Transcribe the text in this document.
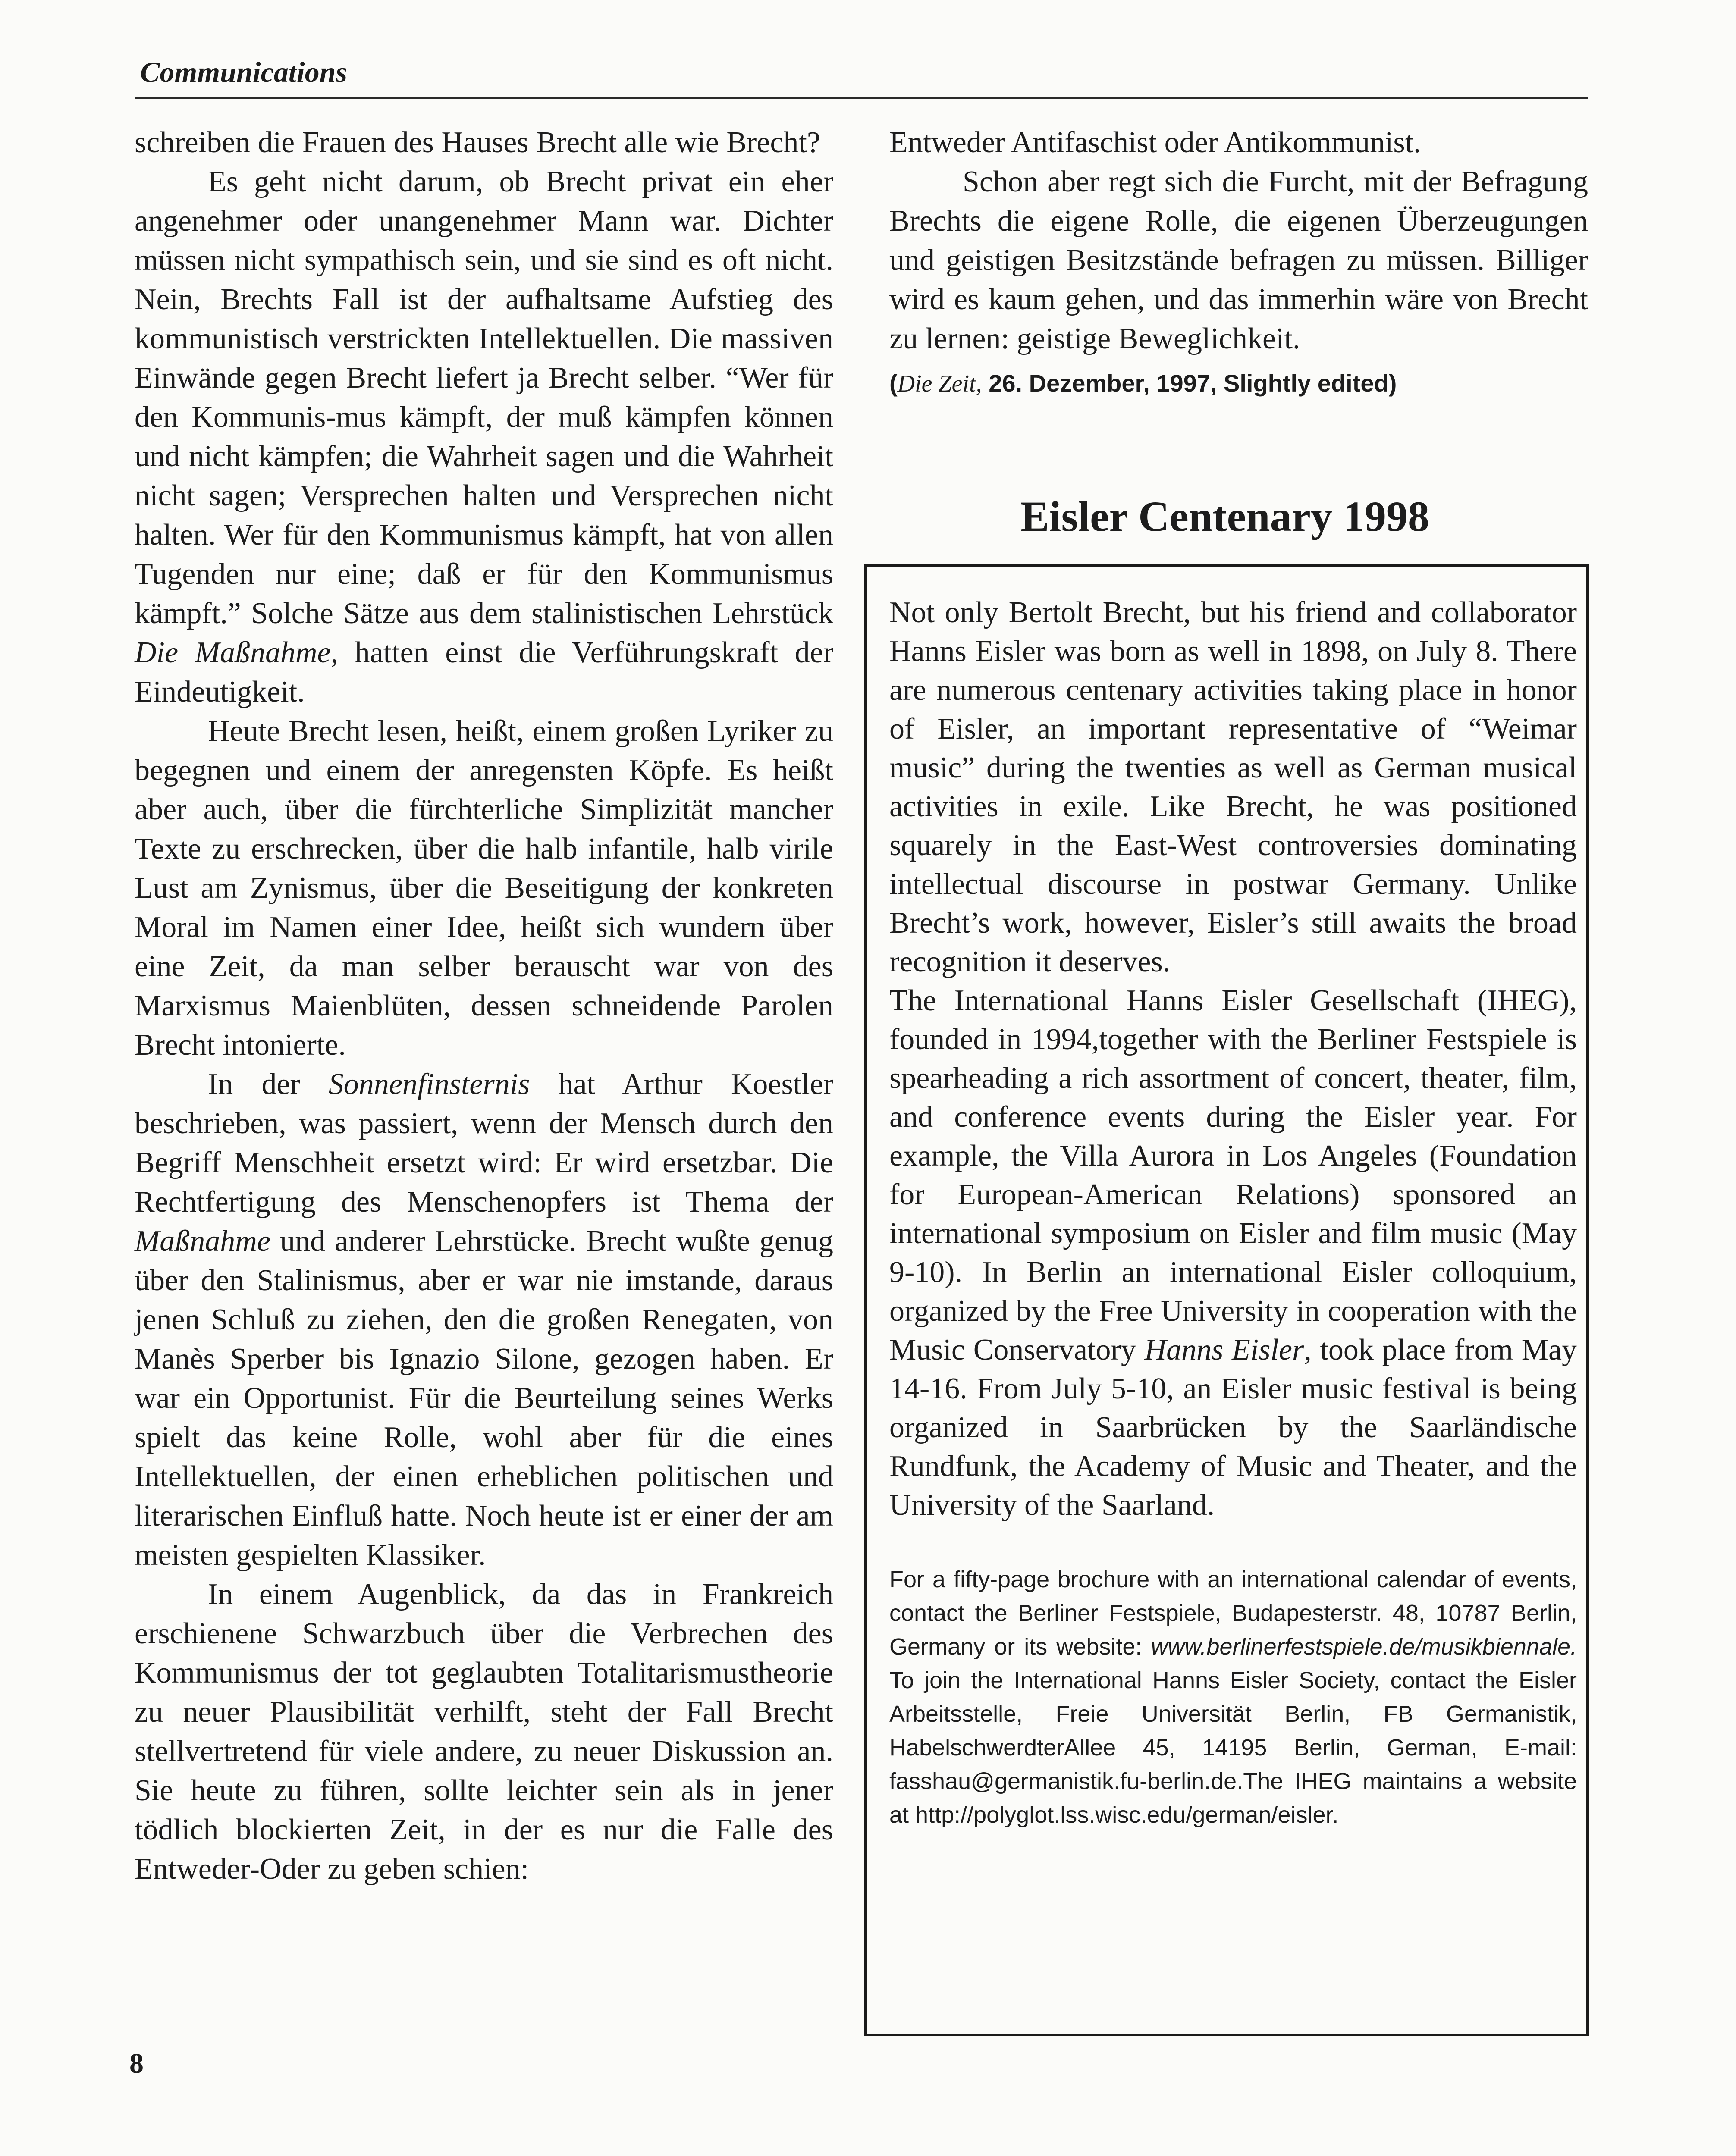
Communications

schreiben die Frauen des Hauses Brecht alle wie Brecht?

Es geht nicht darum, ob Brecht privat ein eher angenehmer oder unangenehmer Mann war. Dichter müssen nicht sympathisch sein, und sie sind es oft nicht. Nein, Brechts Fall ist der aufhaltsame Aufstieg des kommunistisch verstrickten Intellektuellen. Die massiven Einwände gegen Brecht liefert ja Brecht selber. “Wer für den Kommunis-mus kämpft, der muß kämpfen können und nicht kämpfen; die Wahrheit sagen und die Wahrheit nicht sagen; Versprechen halten und Versprechen nicht halten. Wer für den Kommunismus kämpft, hat von allen Tugenden nur eine; daß er für den Kommunismus kämpft.” Solche Sätze aus dem stalinistischen Lehrstück Die Maßnahme, hatten einst die Verführungskraft der Eindeutigkeit.

Heute Brecht lesen, heißt, einem großen Lyriker zu begegnen und einem der anregensten Köpfe. Es heißt aber auch, über die fürchterliche Simplizität mancher Texte zu erschrecken, über die halb infantile, halb virile Lust am Zynismus, über die Beseitigung der konkreten Moral im Namen einer Idee, heißt sich wundern über eine Zeit, da man selber berauscht war von des Marxismus Maienblüten, dessen schneidende Parolen Brecht intonierte.

In der Sonnenfinsternis hat Arthur Koestler beschrieben, was passiert, wenn der Mensch durch den Begriff Menschheit ersetzt wird: Er wird ersetzbar. Die Rechtfertigung des Menschenopfers ist Thema der Maßnahme und anderer Lehrstücke. Brecht wußte genug über den Stalinismus, aber er war nie imstande, daraus jenen Schluß zu ziehen, den die großen Renegaten, von Manès Sperber bis Ignazio Silone, gezogen haben. Er war ein Opportunist. Für die Beurteilung seines Werks spielt das keine Rolle, wohl aber für die eines Intellektuellen, der einen erheblichen politischen und literarischen Einfluß hatte. Noch heute ist er einer der am meisten gespielten Klassiker.

In einem Augenblick, da das in Frankreich erschienene Schwarzbuch über die Verbrechen des Kommunismus der tot geglaubten Totalitarismustheorie zu neuer Plausibilität verhilft, steht der Fall Brecht stellvertretend für viele andere, zu neuer Diskussion an. Sie heute zu führen, sollte leichter sein als in jener tödlich blockierten Zeit, in der es nur die Falle des Entweder-Oder zu geben schien:

Entweder Antifaschist oder Antikommunist.

Schon aber regt sich die Furcht, mit der Befragung Brechts die eigene Rolle, die eigenen Überzeugungen und geistigen Besitzstände befragen zu müssen. Billiger wird es kaum gehen, und das immerhin wäre von Brecht zu lernen: geistige Beweglichkeit.

(Die Zeit, 26. Dezember, 1997, Slightly edited)

Eisler Centenary 1998

Not only Bertolt Brecht, but his friend and collaborator Hanns Eisler was born as well in 1898, on July 8. There are numerous centenary activities taking place in honor of Eisler, an important representative of “Weimar music” during the twenties as well as German musical activities in exile. Like Brecht, he was positioned squarely in the East-West controversies dominating intellectual discourse in postwar Germany. Unlike Brecht’s work, however, Eisler’s still awaits the broad recognition it deserves.

The International Hanns Eisler Gesellschaft (IHEG), founded in 1994,together with the Berliner Festspiele is spearheading a rich assortment of concert, theater, film, and conference events during the Eisler year. For example, the Villa Aurora in Los Angeles (Foundation for European-American Relations) sponsored an international symposium on Eisler and film music (May 9-10). In Berlin an international Eisler colloquium, organized by the Free University in cooperation with the Music Conservatory Hanns Eisler, took place from May 14-16. From July 5-10, an Eisler music festival is being organized in Saarbrücken by the Saarländische Rundfunk, the Academy of Music and Theater, and the University of the Saarland.

For a fifty-page brochure with an international calendar of events, contact the Berliner Festspiele, Budapesterstr. 48, 10787 Berlin, Germany or its website: www.berlinerfestspiele.de/musikbiennale. To join the International Hanns Eisler Society, contact the Eisler Arbeitsstelle, Freie Universität Berlin, FB Germanistik, HabelschwerdterAllee 45, 14195 Berlin, German, E-mail: fasshau@germanistik.fu-berlin.de.The IHEG maintains a website at http://polyglot.lss.wisc.edu/german/eisler.

8
